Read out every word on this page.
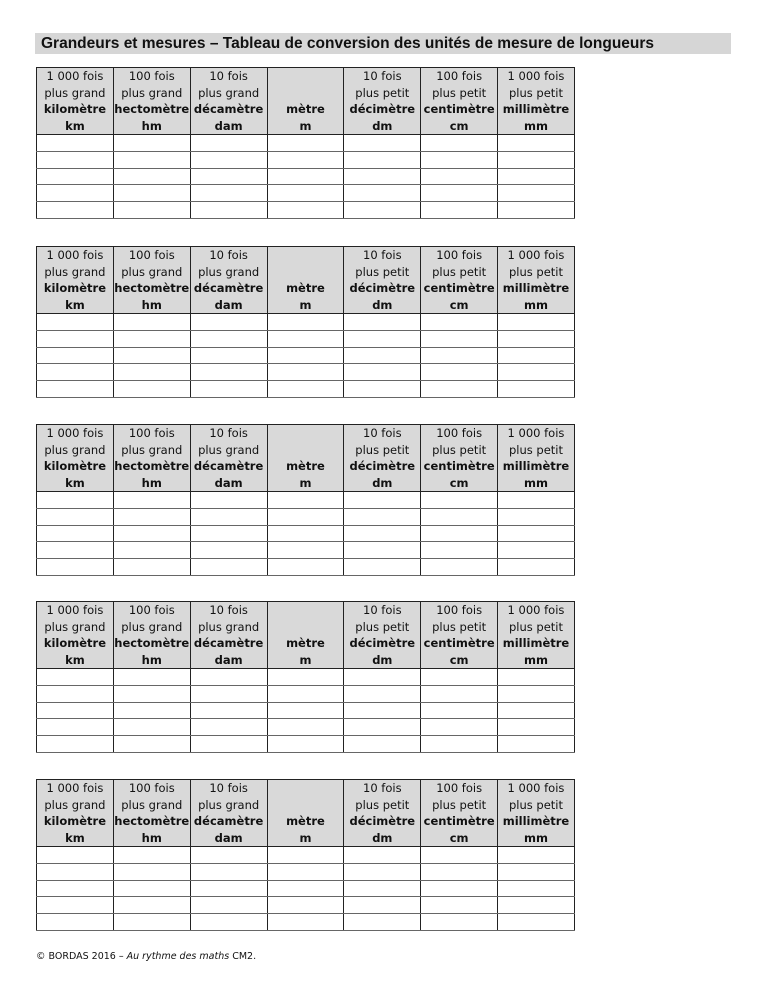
Grandeurs et mesures – Tableau de conversion des unités de mesure de longueurs
1 000 fois	100 fois	10 fois		10 fois	100 fois	1 000 fois
plus grand	plus grand	plus grand		plus petit	plus petit	plus petit
kilomètre	hectomètre	décamètre	mètre	décimètre	centimètre	millimètre
km	hm	dam	m	dm	cm	mm

1 000 fois	100 fois	10 fois		10 fois	100 fois	1 000 fois
plus grand	plus grand	plus grand		plus petit	plus petit	plus petit
kilomètre	hectomètre	décamètre	mètre	décimètre	centimètre	millimètre
km	hm	dam	m	dm	cm	mm

1 000 fois	100 fois	10 fois		10 fois	100 fois	1 000 fois
plus grand	plus grand	plus grand		plus petit	plus petit	plus petit
kilomètre	hectomètre	décamètre	mètre	décimètre	centimètre	millimètre
km	hm	dam	m	dm	cm	mm

1 000 fois	100 fois	10 fois		10 fois	100 fois	1 000 fois
plus grand	plus grand	plus grand		plus petit	plus petit	plus petit
kilomètre	hectomètre	décamètre	mètre	décimètre	centimètre	millimètre
km	hm	dam	m	dm	cm	mm

1 000 fois	100 fois	10 fois		10 fois	100 fois	1 000 fois
plus grand	plus grand	plus grand		plus petit	plus petit	plus petit
kilomètre	hectomètre	décamètre	mètre	décimètre	centimètre	millimètre
km	hm	dam	m	dm	cm	mm

© BORDAS 2016 – Au rythme des maths CM2.
